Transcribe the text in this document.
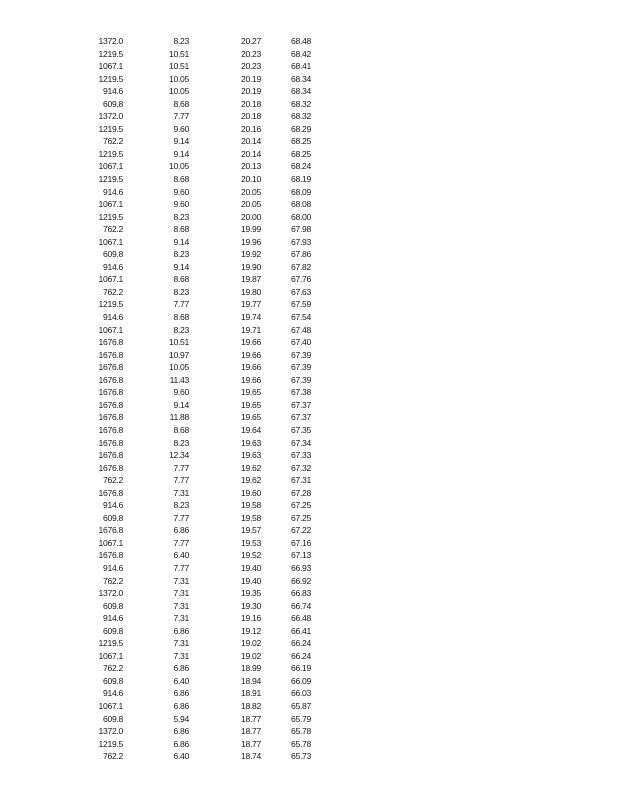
1372.0	8.23	20.27	68.48
1219.5	10.51	20.23	68.42
1067.1	10.51	20.23	68.41
1219.5	10.05	20.19	68.34
914.6	10.05	20.19	68.34
609.8	8.68	20.18	68.32
1372.0	7.77	20.18	68.32
1219.5	9.60	20.16	68.29
762.2	9.14	20.14	68.25
1219.5	9.14	20.14	68.25
1067.1	10.05	20.13	68.24
1219.5	8.68	20.10	68.19
914.6	9.60	20.05	68.09
1067.1	9.60	20.05	68.08
1219.5	8.23	20.00	68.00
762.2	8.68	19.99	67.98
1067.1	9.14	19.96	67.93
609.8	8.23	19.92	67.86
914.6	9.14	19.90	67.82
1067.1	8.68	19.87	67.76
762.2	8.23	19.80	67.63
1219.5	7.77	19.77	67.59
914.6	8.68	19.74	67.54
1067.1	8.23	19.71	67.48
1676.8	10.51	19.66	67.40
1676.8	10.97	19.66	67.39
1676.8	10.05	19.66	67.39
1676.8	11.43	19.66	67.39
1676.8	9.60	19.65	67.38
1676.8	9.14	19.65	67.37
1676.8	11.88	19.65	67.37
1676.8	8.68	19.64	67.35
1676.8	8.23	19.63	67.34
1676.8	12.34	19.63	67.33
1676.8	7.77	19.62	67.32
762.2	7.77	19.62	67.31
1676.8	7.31	19.60	67.28
914.6	8.23	19.58	67.25
609.8	7.77	19.58	67.25
1676.8	6.86	19.57	67.22
1067.1	7.77	19.53	67.16
1676.8	6.40	19.52	67.13
914.6	7.77	19.40	66.93
762.2	7.31	19.40	66.92
1372.0	7.31	19.35	66.83
609.8	7.31	19.30	66.74
914.6	7.31	19.16	66.48
609.8	6.86	19.12	66.41
1219.5	7.31	19.02	66.24
1067.1	7.31	19.02	66.24
762.2	6.86	18.99	66.19
609.8	6.40	18.94	66.09
914.6	6.86	18.91	66.03
1067.1	6.86	18.82	65.87
609.8	5.94	18.77	65.79
1372.0	6.86	18.77	65.78
1219.5	6.86	18.77	65.78
762.2	6.40	18.74	65.73
